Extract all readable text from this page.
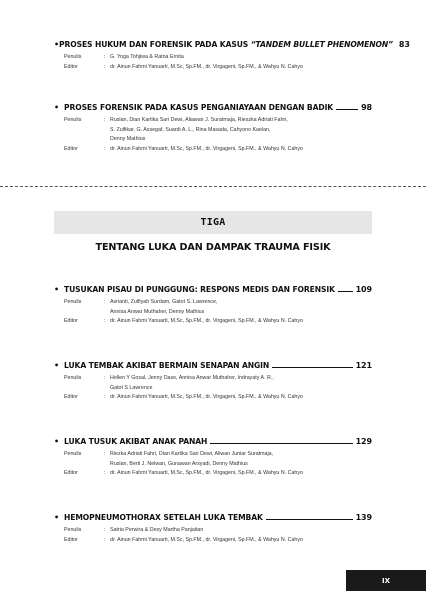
• PROSES HUKUM DAN FORENSIK PADA KASUS “TANDEM BULLET PHENOMENON” 83
Penulis	: G. Yoga Tohjiwa & Ratna Ernita
Editor	: dr. Ainun Fahmi Yanuarti, M.Sc, Sp.FM., dr. Virgageni, Sp.FM., & Wahyu N. Cahyo
• PROSES FORENSIK PADA KASUS PENGANIAYAAN DENGAN BADIK	98
Penulis	: Ruslan, Dian Kartika Sari Dewi, Aliawan J. Suratmaja, Rieszka Adriati Fahri,
S. Zulfikar, G. Assegaf, Suardi A. L., Rina Masada, Cahyono Kaelan,
Denny Mathius
Editor	: dr. Ainun Fahmi Yanuarti, M.Sc, Sp.FM., dr. Virgageni, Sp.FM., & Wahyu N. Cahyo
TIGA
TENTANG LUKA DAN DAMPAK TRAUMA FISIK
• TUSUKAN PISAU DI PUNGGUNG: RESPONS MEDIS DAN FORENSIK	109
Penulis	: Asrianti, Zulfiyah Surdam, Gatot S. Lawrence,
Annisa Anwar Muthaher, Denny Mathius
Editor	: dr. Ainun Fahmi Yanuarti, M.Sc, Sp.FM., dr. Virgageni, Sp.FM., & Wahyu N. Cahyo
• LUKA TEMBAK AKIBAT BERMAIN SENAPAN ANGIN	121
Penulis	: Hellen Y Gosal, Jenny Dase, Annisa Anwar Muthaher, Indrayaty A. R.,
Gatot S Lawrence
Editor	: dr. Ainun Fahmi Yanuarti, M.Sc, Sp.FM., dr. Virgageni, Sp.FM., & Wahyu N. Cahyo
• LUKA TUSUK AKIBAT ANAK PANAH	129
Penulis	: Riezka Adriati Fahri, Dian Kartika Sari Dewi, Aliwan Juniar Suratmaja,
Ruslan, Berti J. Nelwan, Gunawan Arsyadi, Denny Mathius
Editor	: dr. Ainun Fahmi Yanuarti, M.Sc, Sp.FM., dr. Virgageni, Sp.FM., & Wahyu N. Cahyo
• HEMOPNEUMOTHORAX SETELAH LUKA TEMBAK	139
Penulis	: Satria Perwira & Desy Martha Panjaitan
Editor	: dr. Ainun Fahmi Yanuarti, M.Sc, Sp.FM., dr. Virgageni, Sp.FM., & Wahyu N. Cahyo
IX
